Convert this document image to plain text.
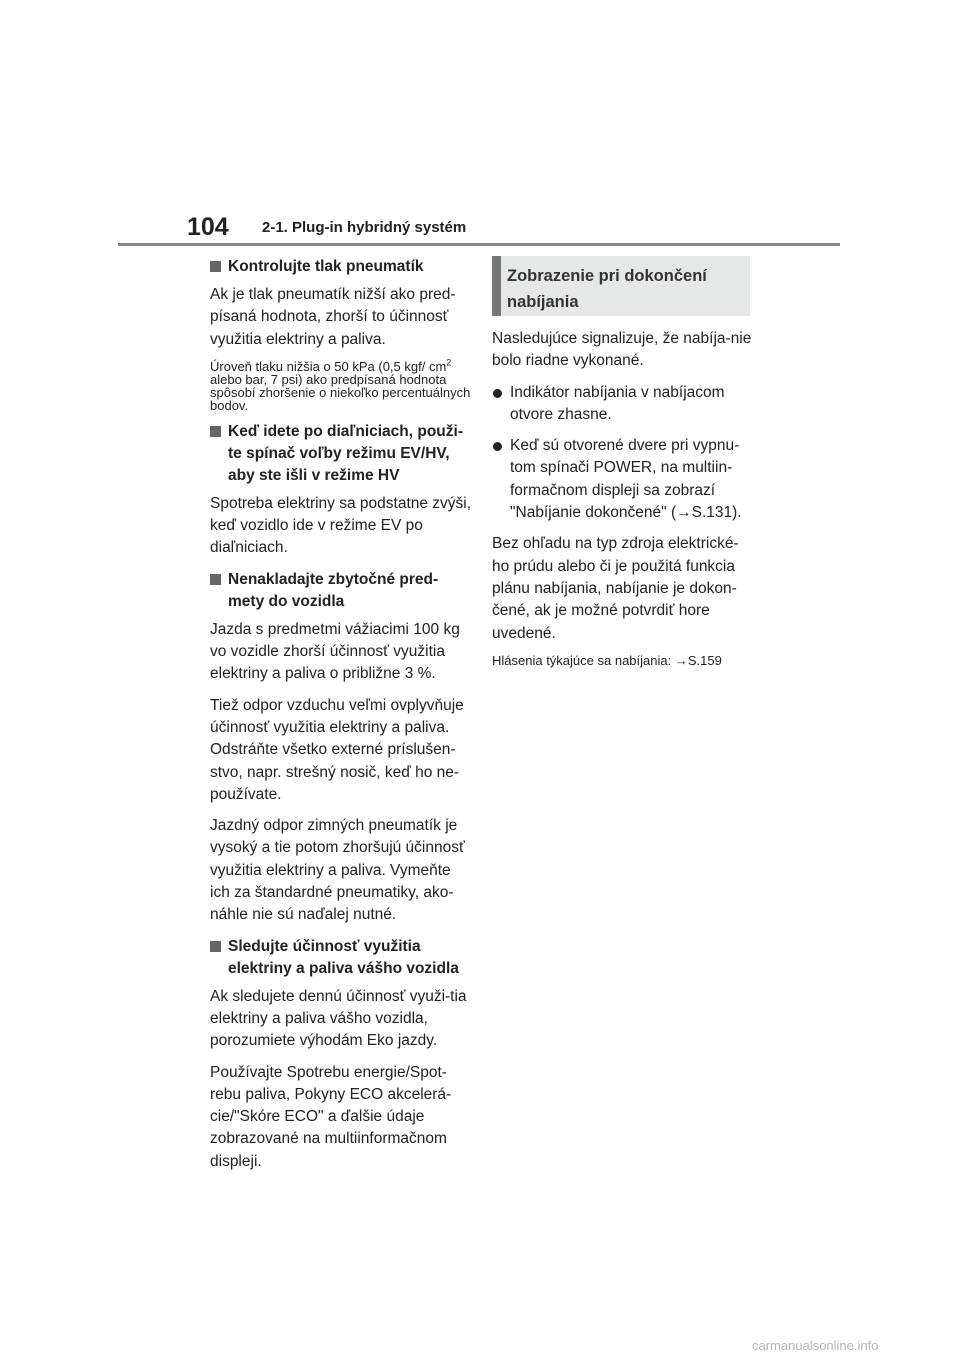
104 2-1. Plug-in hybridný systém
Kontrolujte tlak pneumatík
Ak je tlak pneumatík nižší ako pred-písaná hodnota, zhorší to účinnosť využitia elektriny a paliva.
Úroveň tlaku nižšia o 50 kPa (0,5 kgf/ $cm^2$ alebo bar, 7 psi) ako predpísaná hodnota spôsobí zhoršenie o niekoľko percentuálnych bodov.
Keď idete po diaľniciach, použi-te spínač voľby režimu EV/HV, aby ste išli v režime HV
Spotreba elektriny sa podstatne zvýši, keď vozidlo ide v režime EV po diaľniciach.
Nenakladajte zbytočné pred-mety do vozidla
Jazda s predmetmi vážiacimi 100 kg vo vozidle zhorší účinnosť využitia elektriny a paliva o približne 3 %.
Tiež odpor vzduchu veľmi ovplyvňuje účinnosť využitia elektriny a paliva. Odstráňte všetko externé príslušen-stvo, napr. strešný nosič, keď ho ne-používate.
Jazdný odpor zimných pneumatík je vysoký a tie potom zhoršujú účinnosť využitia elektriny a paliva. Vymeňte ich za štandardné pneumatiky, ako-náhle nie sú naďalej nutné.
Sledujte účinnosť využitia elektriny a paliva vášho vozidla
Ak sledujete dennú účinnosť využi-tia elektriny a paliva vášho vozidla, porozumiete výhodám Eko jazdy.
Používajte Spotrebu energie/Spot-rebu paliva, Pokyny ECO akcelerá-cie/"Skóre ECO" a ďalšie údaje zobrazované na multiinformačnom displeji.
Zobrazenie pri dokončení nabíjania
Nasledujúce signalizuje, že nabíja-nie bolo riadne vykonané.
Indikátor nabíjania v nabíjacom otvore zhasne.
Keď sú otvorené dvere pri vypnu-tom spínači POWER, na multiin-formačnom displeji sa zobrazí "Nabíjanie dokončené" (→S.131).
Bez ohľadu na typ zdroja elektrické-ho prúdu alebo či je použitá funkcia plánu nabíjania, nabíjanie je dokon-čené, ak je možné potvrdiť hore uvedené.
Hlásenia týkajúce sa nabíjania: →S.159
carmanualsonline.info
